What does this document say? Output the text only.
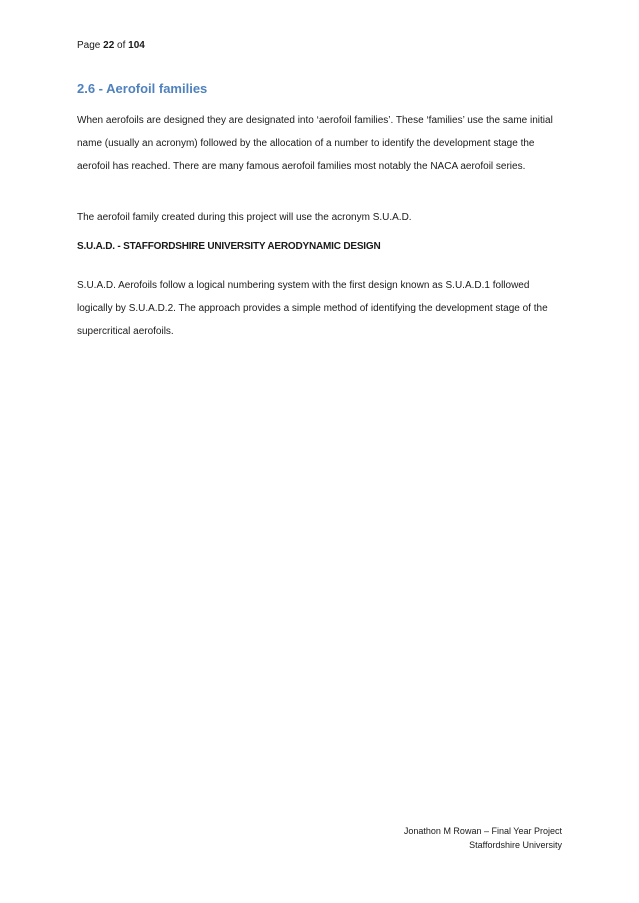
Page 22 of 104
2.6 - Aerofoil families
When aerofoils are designed they are designated into ‘aerofoil families’. These ‘families’ use the same initial name (usually an acronym) followed by the allocation of a number to identify the development stage the aerofoil has reached. There are many famous aerofoil families most notably the NACA aerofoil series.
The aerofoil family created during this project will use the acronym S.U.A.D.
S.U.A.D. - STAFFORDSHIRE UNIVERSITY AERODYNAMIC DESIGN
S.U.A.D. Aerofoils follow a logical numbering system with the first design known as S.U.A.D.1 followed logically by S.U.A.D.2. The approach provides a simple method of identifying the development stage of the supercritical aerofoils.
Jonathon M Rowan – Final Year Project
Staffordshire University
